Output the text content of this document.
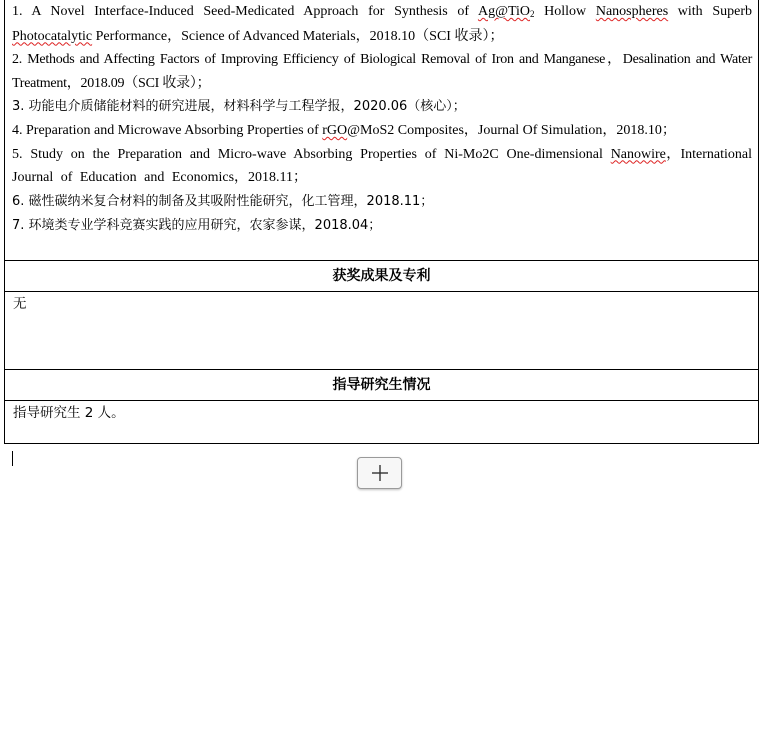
1. A Novel Interface-Induced Seed-Medicated Approach for Synthesis of Ag@TiO$_2$ Hollow Nanospheres with Superb Photocatalytic Performance，Science of Advanced Materials，2018.10（SCI 收录）；

2. Methods and Affecting Factors of Improving Efficiency of Biological Removal of Iron and Manganese，Desalination and Water Treatment，2018.09（SCI 收录）；

3. 功能电介质储能材料的研究进展，材料科学与工程学报，2020.06（核心）；

4. Preparation and Microwave Absorbing Properties of rGO@MoS2 Composites，Journal Of Simulation，2018.10；

5. Study on the Preparation and Micro-wave Absorbing Properties of Ni-Mo2C One-dimensional Nanowire，International Journal of Education and Economics，2018.11；

6. 磁性碳纳米复合材料的制备及其吸附性能研究，化工管理，2018.11；

7. 环境类专业学科竞赛实践的应用研究，农家参谋，2018.04；

获奖成果及专利
无
指导研究生情况
指导研究生 2 人。
